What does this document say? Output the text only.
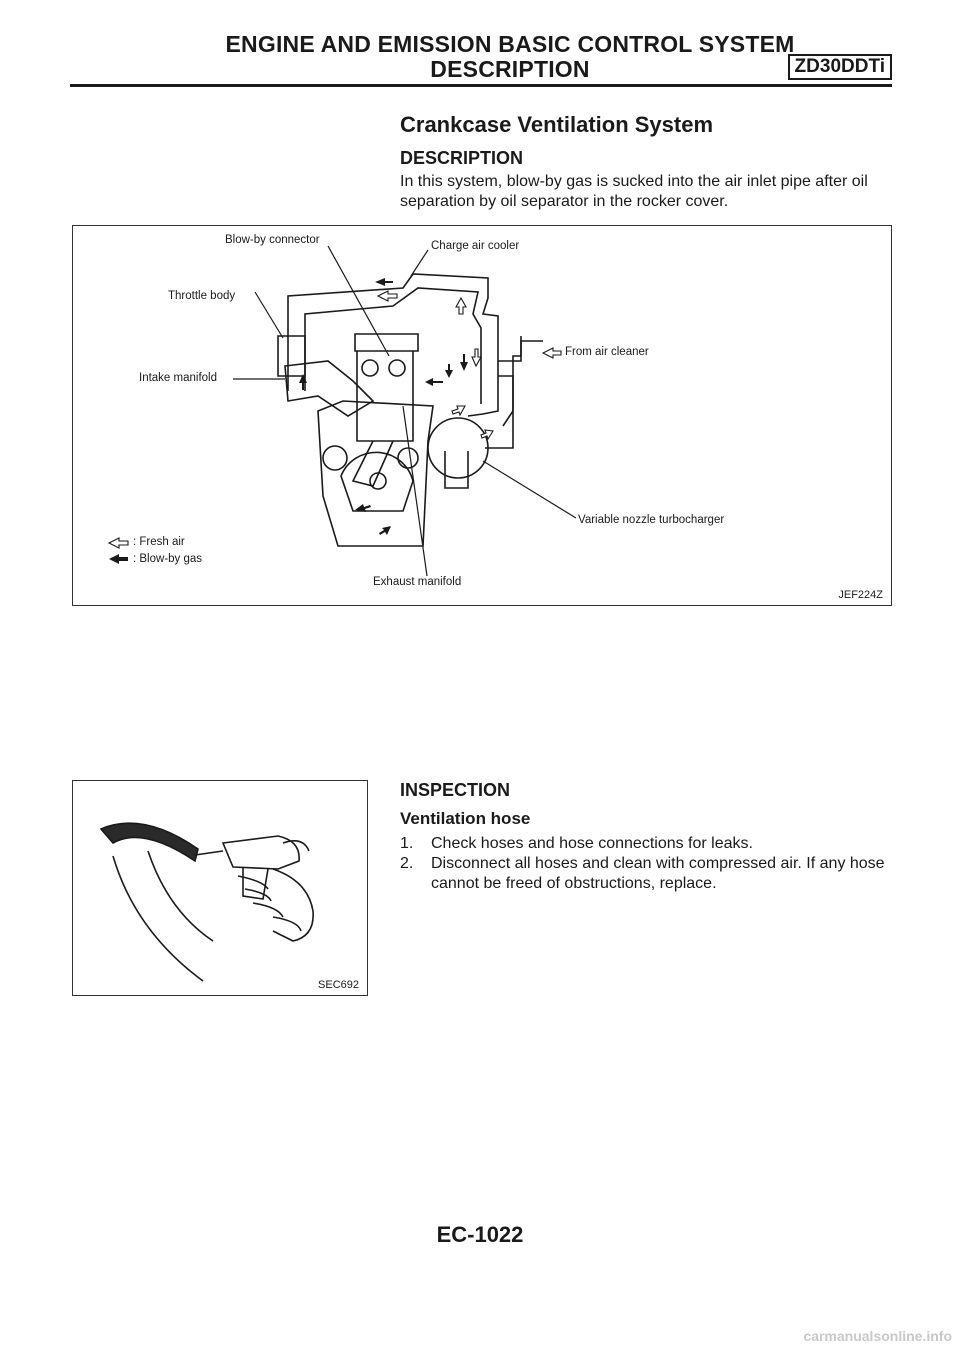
ENGINE AND EMISSION BASIC CONTROL SYSTEM
DESCRIPTION	ZD30DDTi
Crankcase Ventilation System
DESCRIPTION
In this system, blow-by gas is sucked into the air inlet pipe after oil separation by oil separator in the rocker cover.
Blow-by connector	Charge air cooler
Throttle body
From air cleaner
Intake manifold
Variable nozzle turbocharger
Exhaust manifold
: Fresh air
: Blow-by gas
JEF224Z
SEC692
INSPECTION
Ventilation hose
1. Check hoses and hose connections for leaks.
2. Disconnect all hoses and clean with compressed air. If any hose cannot be freed of obstructions, replace.
EC-1022
carmanualsonline.info
